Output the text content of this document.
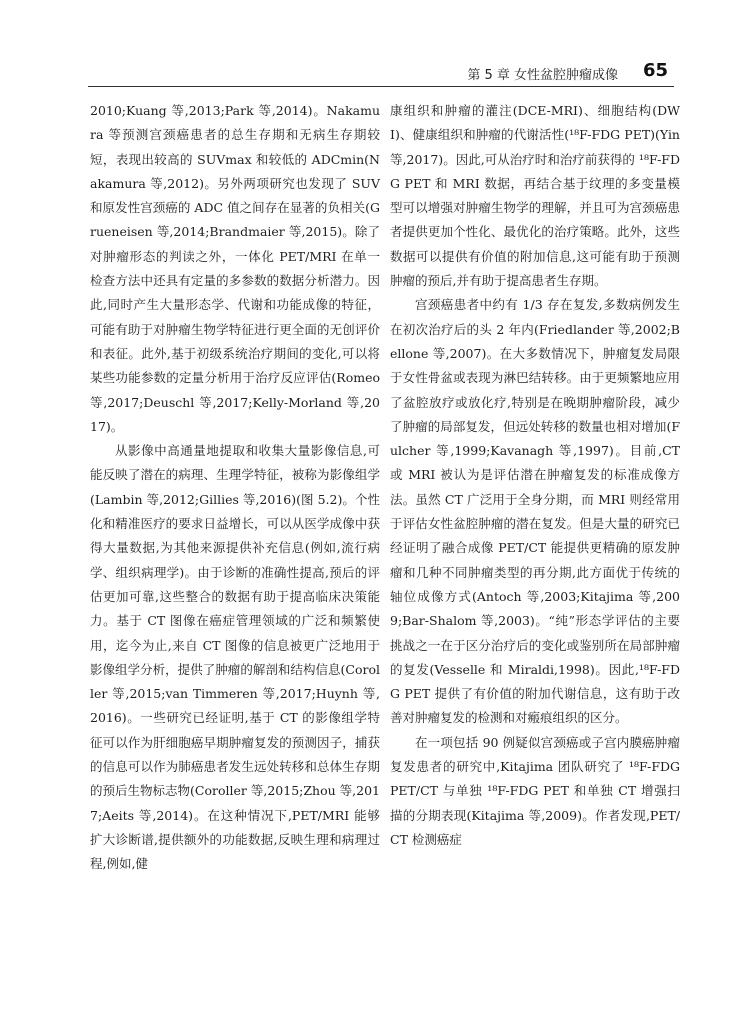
第 5 章 女性盆腔肿瘤成像 65

2010;Kuang 等,2013;Park 等,2014)。Nakamura 等预测宫颈癌患者的总生存期和无病生存期较短，表现出较高的 SUVmax 和较低的 ADCmin(Nakamura 等,2012)。另外两项研究也发现了 SUV 和原发性宫颈癌的 ADC 值之间存在显著的负相关(Grueneisen 等,2014;Brandmaier 等,2015)。除了对肿瘤形态的判读之外，一体化 PET/MRI 在单一检查方法中还具有定量的多参数的数据分析潜力。因此,同时产生大量形态学、代谢和功能成像的特征，可能有助于对肿瘤生物学特征进行更全面的无创评价和表征。此外,基于初级系统治疗期间的变化,可以将某些功能参数的定量分析用于治疗反应评估(Romeo 等,2017;Deuschl 等,2017;Kelly-Morland 等,2017)。

从影像中高通量地提取和收集大量影像信息,可能反映了潜在的病理、生理学特征，被称为影像组学(Lambin 等,2012;Gillies 等,2016)(图 5.2)。个性化和精准医疗的要求日益增长，可以从医学成像中获得大量数据,为其他来源提供补充信息(例如,流行病学、组织病理学)。由于诊断的准确性提高,预后的评估更加可靠,这些整合的数据有助于提高临床决策能力。基于 CT 图像在癌症管理领域的广泛和频繁使用，迄今为止,来自 CT 图像的信息被更广泛地用于影像组学分析，提供了肿瘤的解剖和结构信息(Coroller 等,2015;van Timmeren 等,2017;Huynh 等,2016)。一些研究已经证明,基于 CT 的影像组学特征可以作为肝细胞癌早期肿瘤复发的预测因子，捕获的信息可以作为肺癌患者发生远处转移和总体生存期的预后生物标志物(Coroller 等,2015;Zhou 等,2017;Aeits 等,2014)。在这种情况下,PET/MRI 能够扩大诊断谱,提供额外的功能数据,反映生理和病理过程,例如,健

康组织和肿瘤的灌注(DCE-MRI)、细胞结构(DWI)、健康组织和肿瘤的代谢活性(¹⁸F-FDG PET)(Yin 等,2017)。因此,可从治疗时和治疗前获得的 ¹⁸F-FDG PET 和 MRI 数据，再结合基于纹理的多变量模型可以增强对肿瘤生物学的理解，并且可为宫颈癌患者提供更加个性化、最优化的治疗策略。此外，这些数据可以提供有价值的附加信息,这可能有助于预测肿瘤的预后,并有助于提高患者生存期。

宫颈癌患者中约有 1/3 存在复发,多数病例发生在初次治疗后的头 2 年内(Friedlander 等,2002;Bellone 等,2007)。在大多数情况下，肿瘤复发局限于女性骨盆或表现为淋巴结转移。由于更频繁地应用了盆腔放疗或放化疗,特别是在晚期肿瘤阶段，减少了肿瘤的局部复发，但远处转移的数量也相对增加(Fulcher 等,1999;Kavanagh 等,1997)。目前,CT 或 MRI 被认为是评估潜在肿瘤复发的标准成像方法。虽然 CT 广泛用于全身分期，而 MRI 则经常用于评估女性盆腔肿瘤的潜在复发。但是大量的研究已经证明了融合成像 PET/CT 能提供更精确的原发肿瘤和几种不同肿瘤类型的再分期,此方面优于传统的轴位成像方式(Antoch 等,2003;Kitajima 等,2009;Bar-Shalom 等,2003)。“纯”形态学评估的主要挑战之一在于区分治疗后的变化或鉴别所在局部肿瘤的复发(Vesselle 和 Miraldi,1998)。因此,¹⁸F-FDG PET 提供了有价值的附加代谢信息，这有助于改善对肿瘤复发的检测和对瘢痕组织的区分。

在一项包括 90 例疑似宫颈癌或子宫内膜癌肿瘤复发患者的研究中,Kitajima 团队研究了 ¹⁸F-FDG PET/CT 与单独 ¹⁸F-FDG PET 和单独 CT 增强扫描的分期表现(Kitajima 等,2009)。作者发现,PET/CT 检测癌症
